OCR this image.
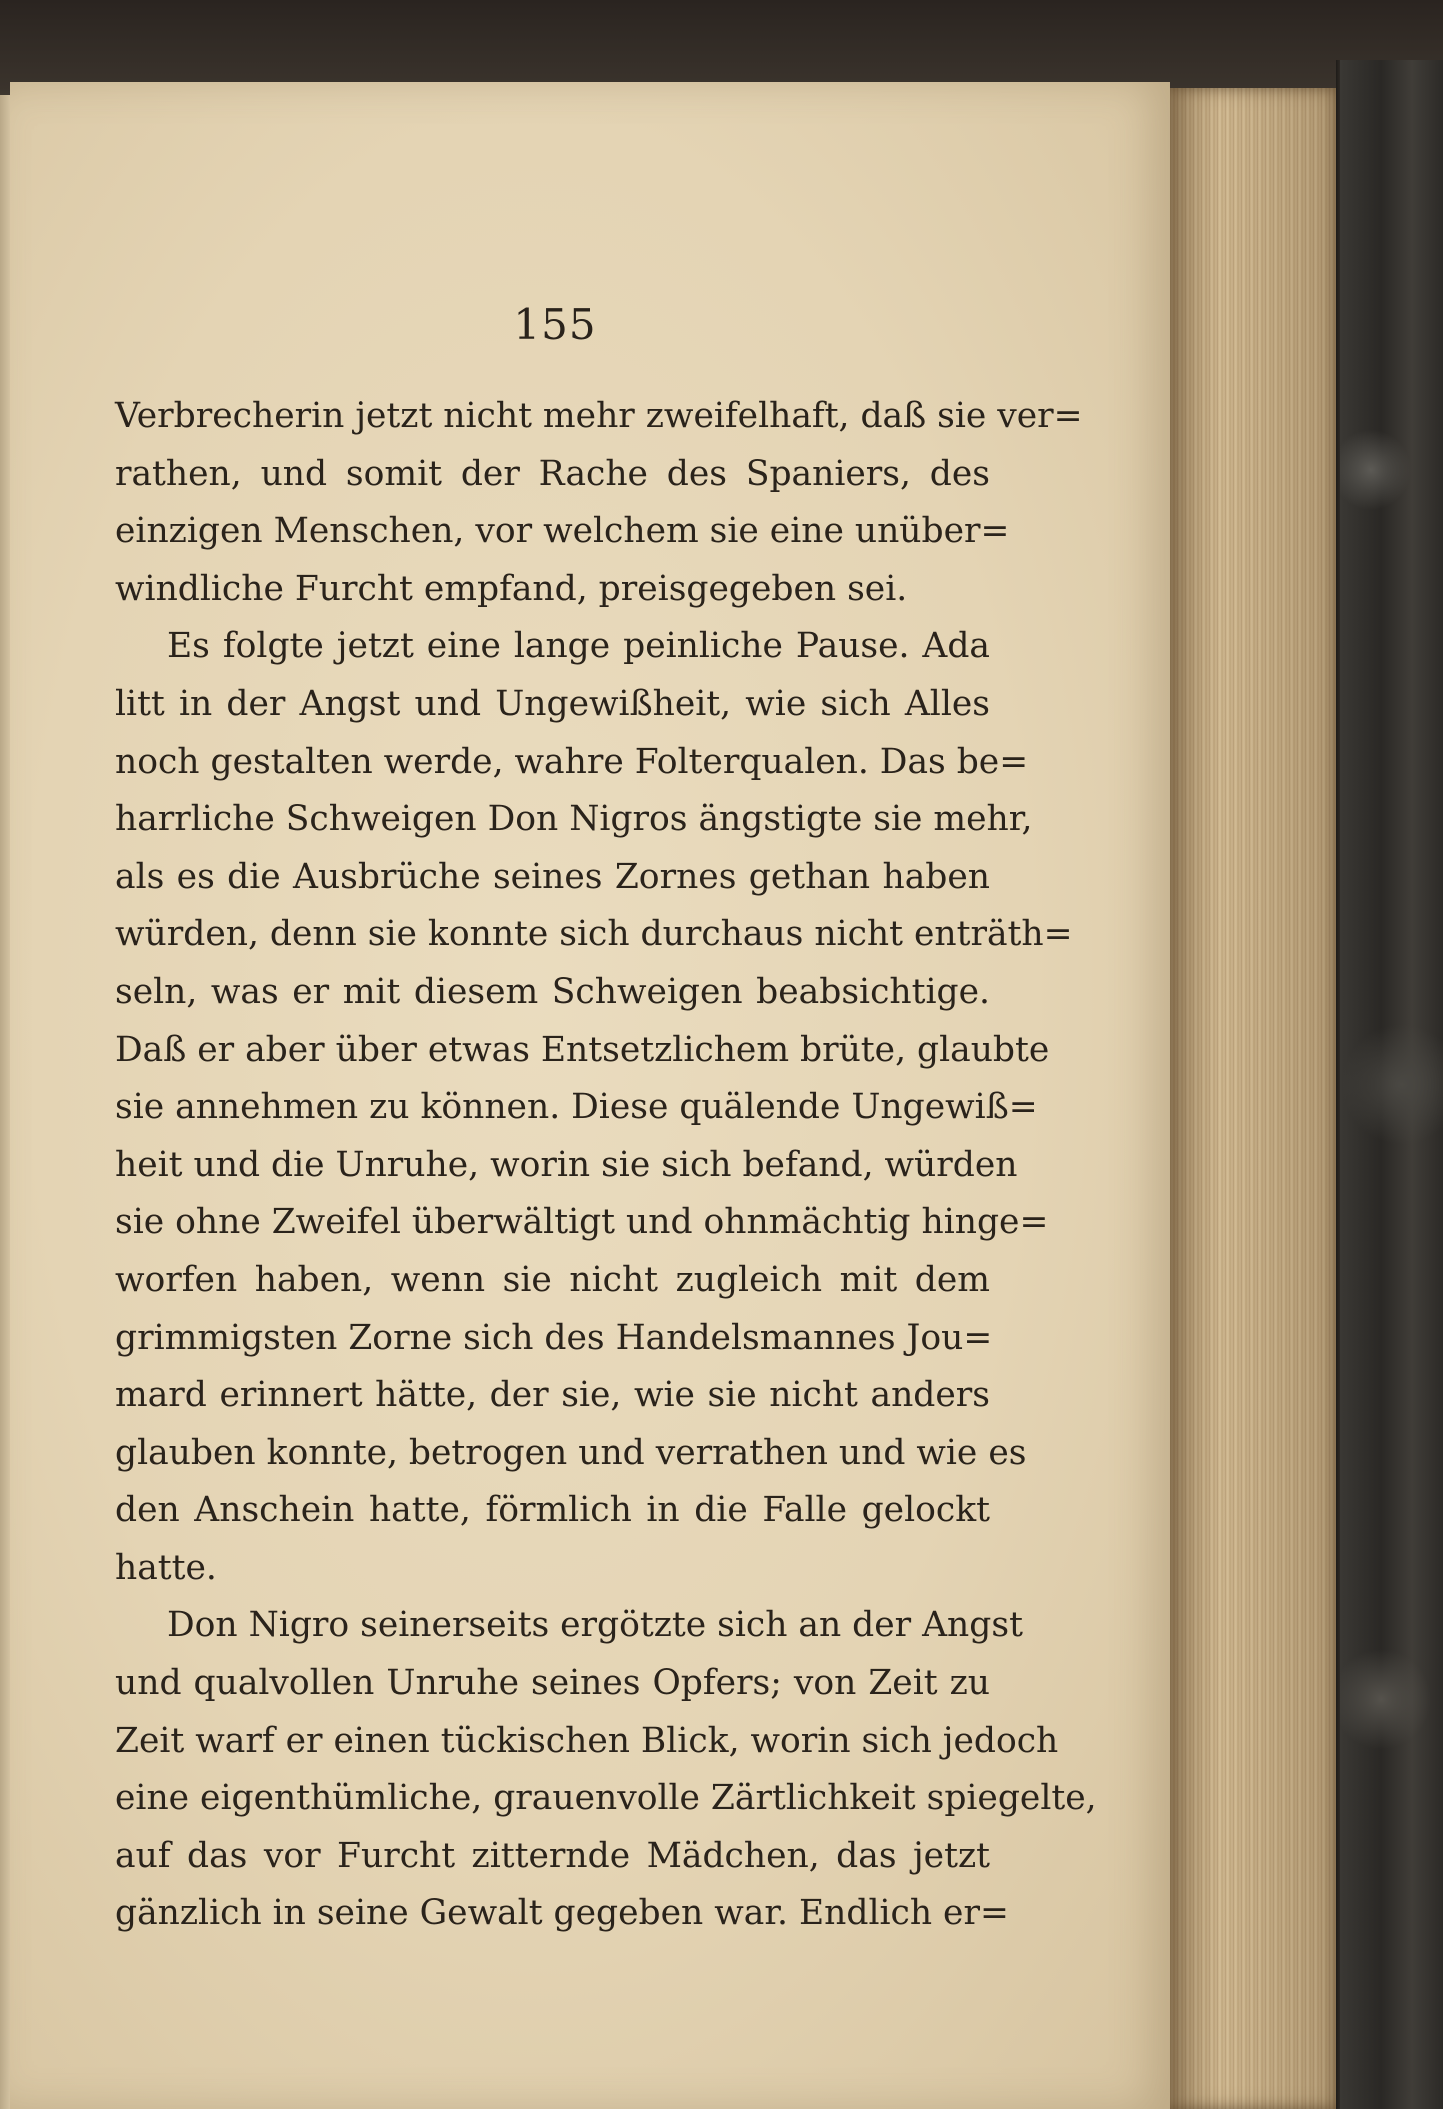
155
Verbrecherin jetzt nicht mehr zweifelhaft, daß sie ver=
rathen, und somit der Rache des Spaniers, des
einzigen Menschen, vor welchem sie eine unüber=
windliche Furcht empfand, preisgegeben sei.
Es folgte jetzt eine lange peinliche Pause. Ada
litt in der Angst und Ungewißheit, wie sich Alles
noch gestalten werde, wahre Folterqualen. Das be=
harrliche Schweigen Don Nigros ängstigte sie mehr,
als es die Ausbrüche seines Zornes gethan haben
würden, denn sie konnte sich durchaus nicht enträth=
seln, was er mit diesem Schweigen beabsichtige.
Daß er aber über etwas Entsetzlichem brüte, glaubte
sie annehmen zu können. Diese quälende Ungewiß=
heit und die Unruhe, worin sie sich befand, würden
sie ohne Zweifel überwältigt und ohnmächtig hinge=
worfen haben, wenn sie nicht zugleich mit dem
grimmigsten Zorne sich des Handelsmannes Jou=
mard erinnert hätte, der sie, wie sie nicht anders
glauben konnte, betrogen und verrathen und wie es
den Anschein hatte, förmlich in die Falle gelockt
hatte.
Don Nigro seinerseits ergötzte sich an der Angst
und qualvollen Unruhe seines Opfers; von Zeit zu
Zeit warf er einen tückischen Blick, worin sich jedoch
eine eigenthümliche, grauenvolle Zärtlichkeit spiegelte,
auf das vor Furcht zitternde Mädchen, das jetzt
gänzlich in seine Gewalt gegeben war. Endlich er=
